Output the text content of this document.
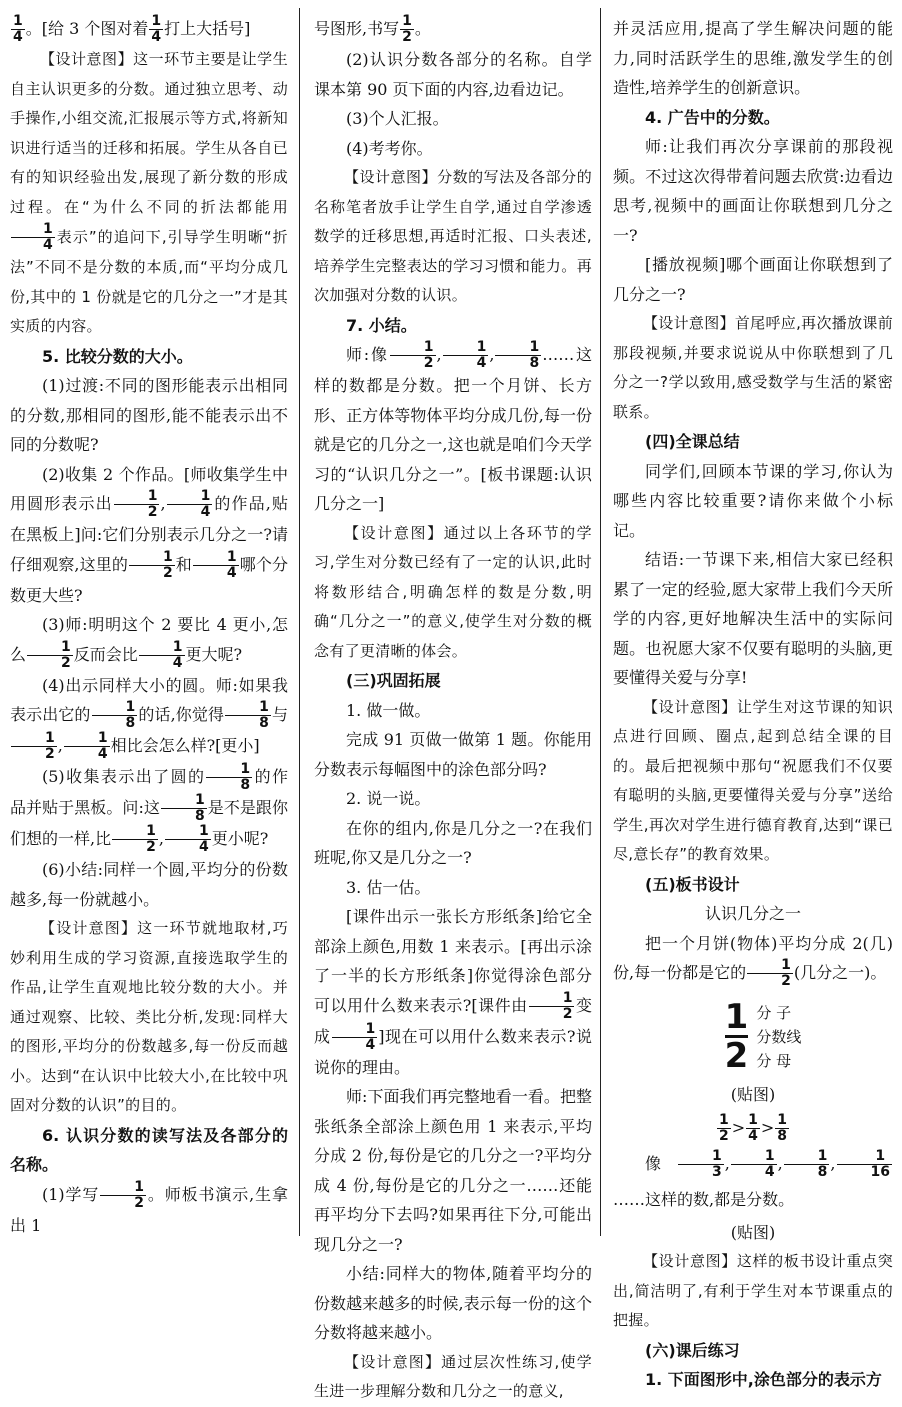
$\frac{1}{4}$ 。[给 3 个图对着 $\frac{1}{4}$ 打上大括号]

【设计意图】这一环节主要是让学生自主认识更多的分数。通过独立思考、动手操作,小组交流,汇报展示等方式,将新知识进行适当的迁移和拓展。学生从各自已有的知识经验出发,展现了新分数的形成过程。在“为什么不同的折法都能用
$\frac{1}{4}$ 表示”的追问下,引导学生明晰“折法”不同不是分数的本质,而“平均分成几份,其中的 1 份就是它的几分之一”才是其实质的内容。

5. 比较分数的大小。

(1)过渡:不同的图形能表示出相同的分数,那相同的图形,能不能表示出不同的分数呢?

(2)收集 2 个作品。[师收集学生中用圆形表示出 $\frac{1}{2}$ , $\frac{1}{4}$ 的作品,贴在黑板上]问:它们分别表示几分之一?请仔细观察,这里的 $\frac{1}{2}$ 和 $\frac{1}{4}$ 哪个分数更大些?

(3)师:明明这个 2 要比 4 更小,怎么 $\frac{1}{2}$ 反而会比 $\frac{1}{4}$ 更大呢?

(4)出示同样大小的圆。师:如果我表示出它的 $\frac{1}{8}$ 的话,你觉得 $\frac{1}{8}$ 与
$\frac{1}{2}$ , $\frac{1}{4}$ 相比会怎么样?[更小]

(5)收集表示出了圆的 $\frac{1}{8}$ 的作品并贴于黑板。问:这 $\frac{1}{8}$ 是不是跟你们想的一样,比 $\frac{1}{2}$ , $\frac{1}{4}$ 更小呢?

(6)小结:同样一个圆,平均分的份数越多,每一份就越小。

【设计意图】这一环节就地取材,巧妙利用生成的学习资源,直接选取学生的作品,让学生直观地比较分数的大小。并通过观察、比较、类比分析,发现:同样大的图形,平均分的份数越多,每一份反而越小。达到“在认识中比较大小,在比较中巩固对分数的认识”的目的。

6. 认识分数的读写法及各部分的名称。

(1)学写 $\frac{1}{2}$ 。师板书演示,生拿出 1

号图形,书写 $\frac{1}{2}$ 。

(2)认识分数各部分的名称。自学课本第 90 页下面的内容,边看边记。

(3)个人汇报。

(4)考考你。

【设计意图】分数的写法及各部分的名称笔者放手让学生自学,通过自学渗透数学的迁移思想,再适时汇报、口头表述,培养学生完整表达的学习习惯和能力。再次加强对分数的认识。

7. 小结。

师:像 $\frac{1}{2}$ , $\frac{1}{4}$ , $\frac{1}{8}$ ……这样的数都是分数。把一个月饼、长方形、正方体等物体平均分成几份,每一份就是它的几分之一,这也就是咱们今天学习的“认识几分之一”。[板书课题:认识几分之一]

【设计意图】通过以上各环节的学习,学生对分数已经有了一定的认识,此时将数形结合,明确怎样的数是分数,明确“几分之一”的意义,使学生对分数的概念有了更清晰的体会。

(三)巩固拓展

1. 做一做。

完成 91 页做一做第 1 题。你能用分数表示每幅图中的涂色部分吗?

2. 说一说。

在你的组内,你是几分之一?在我们班呢,你又是几分之一?

3. 估一估。

[课件出示一张长方形纸条]给它全部涂上颜色,用数 1 来表示。[再出示涂了一半的长方形纸条]你觉得涂色部分可以用什么数来表示?[课件由 $\frac{1}{2}$ 变成 $\frac{1}{4}$ ]现在可以用什么数来表示?说说你的理由。

师:下面我们再完整地看一看。把整张纸条全部涂上颜色用 1 来表示,平均分成 2 份,每份是它的几分之一?平均分成 4 份,每份是它的几分之一……还能再平均分下去吗?如果再往下分,可能出现几分之一?

小结:同样大的物体,随着平均分的份数越来越多的时候,表示每一份的这个分数将越来越小。

【设计意图】通过层次性练习,使学生进一步理解分数和几分之一的意义,

并灵活应用,提高了学生解决问题的能力,同时活跃学生的思维,激发学生的创造性,培养学生的创新意识。

4. 广告中的分数。

师:让我们再次分享课前的那段视频。不过这次得带着问题去欣赏:边看边思考,视频中的画面让你联想到几分之一?

[播放视频]哪个画面让你联想到了几分之一?

【设计意图】首尾呼应,再次播放课前那段视频,并要求说说从中你联想到了几分之一?学以致用,感受数学与生活的紧密联系。

(四)全课总结

同学们,回顾本节课的学习,你认为哪些内容比较重要?请你来做个小标记。

结语:一节课下来,相信大家已经积累了一定的经验,愿大家带上我们今天所学的内容,更好地解决生活中的实际问题。也祝愿大家不仅要有聪明的头脑,更要懂得关爱与分享!

【设计意图】让学生对这节课的知识点进行回顾、圈点,起到总结全课的目的。最后把视频中那句“祝愿我们不仅要有聪明的头脑,更要懂得关爱与分享”送给学生,再次对学生进行德育教育,达到“课已尽,意长存”的教育效果。

(五)板书设计

认识几分之一

把一个月饼(物体)平均分成 2(几)份,每一份都是它的 $\frac{1}{2}$ (几分之一)。

$\frac{1}{2}$ 分 子
分数线
分 母

(贴图)

$\frac{1}{2} > \frac{1}{4} > \frac{1}{8}$

像 $\frac{1}{3}$ , $\frac{1}{4}$ , $\frac{1}{8}$ , $\frac{1}{16}$
……这样的数,都是分数。

(贴图)

【设计意图】这样的板书设计重点突出,简洁明了,有利于学生对本节课重点的把握。

(六)课后练习

1. 下面图形中,涂色部分的表示方
